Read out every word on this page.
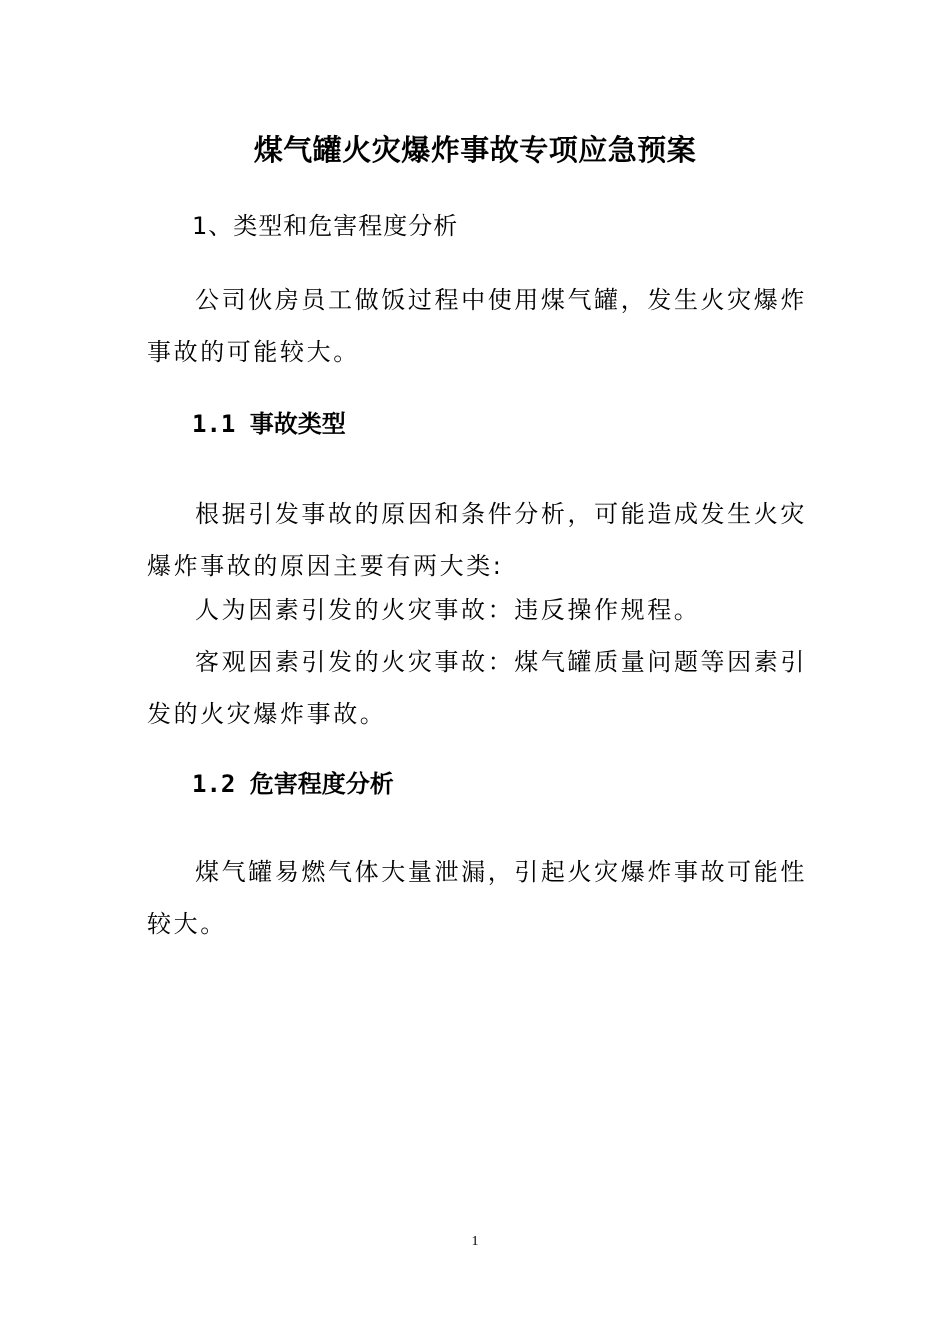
煤气罐火灾爆炸事故专项应急预案
1、类型和危害程度分析

公司伙房员工做饭过程中使用煤气罐，发生火灾爆炸事故的可能较大。

1.1 事故类型

根据引发事故的原因和条件分析，可能造成发生火灾爆炸事故的原因主要有两大类:

人为因素引发的火灾事故：违反操作规程。

客观因素引发的火灾事故：煤气罐质量问题等因素引发的火灾爆炸事故。

1.2 危害程度分析

煤气罐易燃气体大量泄漏，引起火灾爆炸事故可能性较大。

1
